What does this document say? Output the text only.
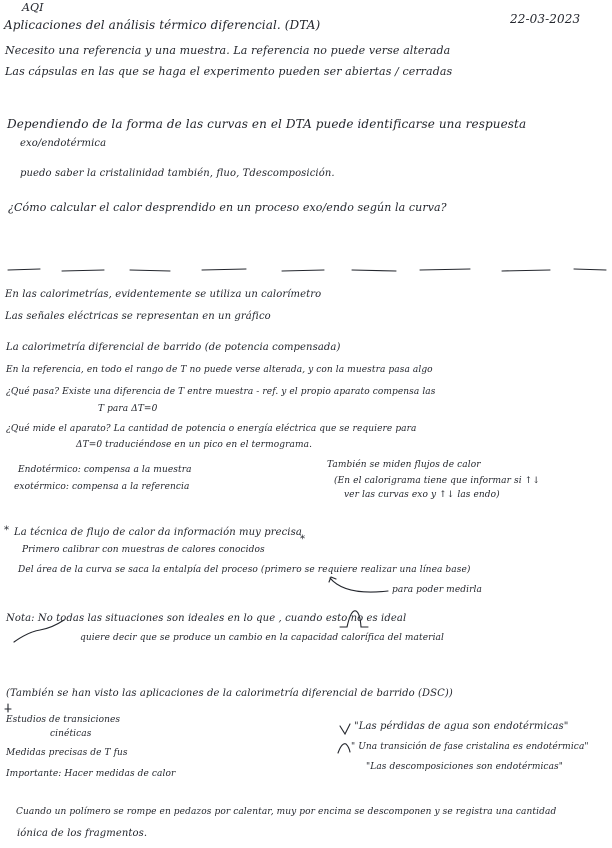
AQI
Aplicaciones del análisis térmico diferencial. (DTA)	22-03-2023
Necesito una referencia y una muestra. La referencia no puede verse alterada
Las cápsulas en las que se haga el experimento pueden ser abiertas / cerradas
Dependiendo de la forma de las curvas en el DTA puede identificarse una respuesta
exo/endotérmica
puedo saber la cristalinidad también, fluo, Tdescomposición.
¿Cómo calcular el calor desprendido en un proceso exo/endo según la curva?
En las calorimetrías, evidentemente se utiliza un calorímetro
Las señales eléctricas se representan en un gráfico
La calorimetría diferencial de barrido (de potencia compensada)
En la referencia, en todo el rango de T no puede verse alterada, y con la muestra pasa algo
¿Qué pasa? Existe una diferencia de T entre muestra - ref. y el propio aparato compensa las
T para ΔT=0
¿Qué mide el aparato? La cantidad de potencia o energía eléctrica que se requiere para
ΔT=0 traduciéndose en un pico en el termograma.
Endotérmico: compensa a la muestra
exotérmico: compensa a la referencia
También se miden flujos de calor
(En el calorigrama tiene que informar si ↑↓
ver las curvas exo y ↑↓ las endo)
* La técnica de flujo de calor da información muy precisa
*
Primero calibrar con muestras de calores conocidos
Del área de la curva se saca la entalpía del proceso (primero se requiere realizar una línea base)
para poder medirla
Nota: No todas las situaciones son ideales en lo que , cuando esto no es ideal
quiere decir que se produce un cambio en la capacidad calorífica del material
(También se han visto las aplicaciones de la calorimetría diferencial de barrido (DSC))
Estudios de transiciones
cinéticas
Medidas precisas de T fus
Importante: Hacer medidas de calor
"Las pérdidas de agua son endotérmicas"
" Una transición de fase cristalina es endotérmica"
"Las descomposiciones son endotérmicas"
Cuando un polímero se rompe en pedazos por calentar, muy por encima se descomponen y se registra una cantidad
iónica de los fragmentos.
